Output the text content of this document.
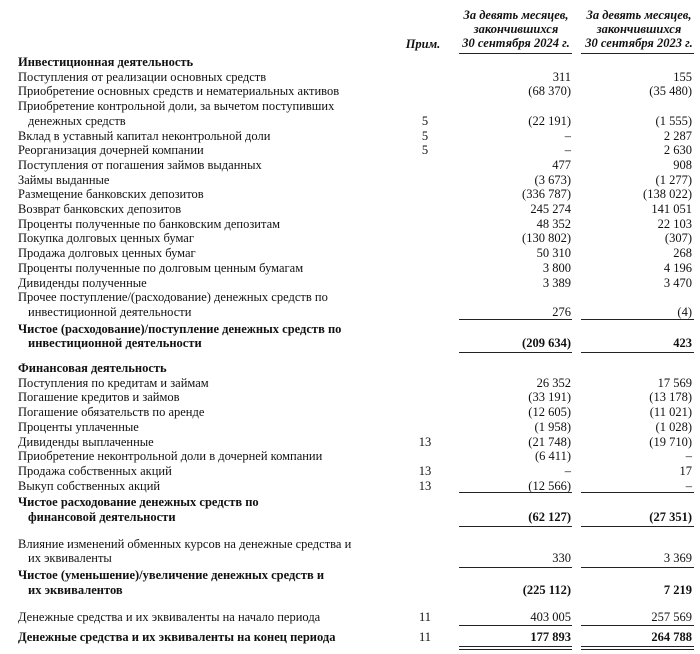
Прим.
За девять месяцев,
закончившихся
30 сентября 2024 г.
За девять месяцев,
закончившихся
30 сентября 2023 г.
Инвестиционная деятельность
Поступления от реализации основных средств	311	155
Приобретение основных средств и нематериальных активов	(68 370)	(35 480)
Приобретение контрольной доли, за вычетом поступивших
денежных средств	5	(22 191)	(1 555)
Вклад в уставный капитал неконтрольной доли	5	–	2 287
Реорганизация дочерней компании	5	–	2 630
Поступления от погашения займов выданных	477	908
Займы выданные	(3 673)	(1 277)
Размещение банковских депозитов	(336 787)	(138 022)
Возврат банковских депозитов	245 274	141 051
Проценты полученные по банковским депозитам	48 352	22 103
Покупка долговых ценных бумаг	(130 802)	(307)
Продажа долговых ценных бумаг	50 310	268
Проценты полученные по долговым ценным бумагам	3 800	4 196
Дивиденды полученные	3 389	3 470
Прочее поступление/(расходование) денежных средств по
инвестиционной деятельности	276	(4)
Чистое (расходование)/поступление денежных средств по
инвестиционной деятельности	(209 634)	423
Финансовая деятельность
Поступления по кредитам и займам	26 352	17 569
Погашение кредитов и займов	(33 191)	(13 178)
Погашение обязательств по аренде	(12 605)	(11 021)
Проценты уплаченные	(1 958)	(1 028)
Дивиденды выплаченные	13	(21 748)	(19 710)
Приобретение неконтрольной доли в дочерней компании	(6 411)	–
Продажа собственных акций	13	–	17
Выкуп собственных акций	13	(12 566)	–
Чистое расходование денежных средств по
финансовой деятельности	(62 127)	(27 351)
Влияние изменений обменных курсов на денежные средства и
их эквиваленты	330	3 369
Чистое (уменьшение)/увеличение денежных средств и
их эквивалентов	(225 112)	7 219
Денежные средства и их эквиваленты на начало периода	11	403 005	257 569
Денежные средства и их эквиваленты на конец периода	11	177 893	264 788
